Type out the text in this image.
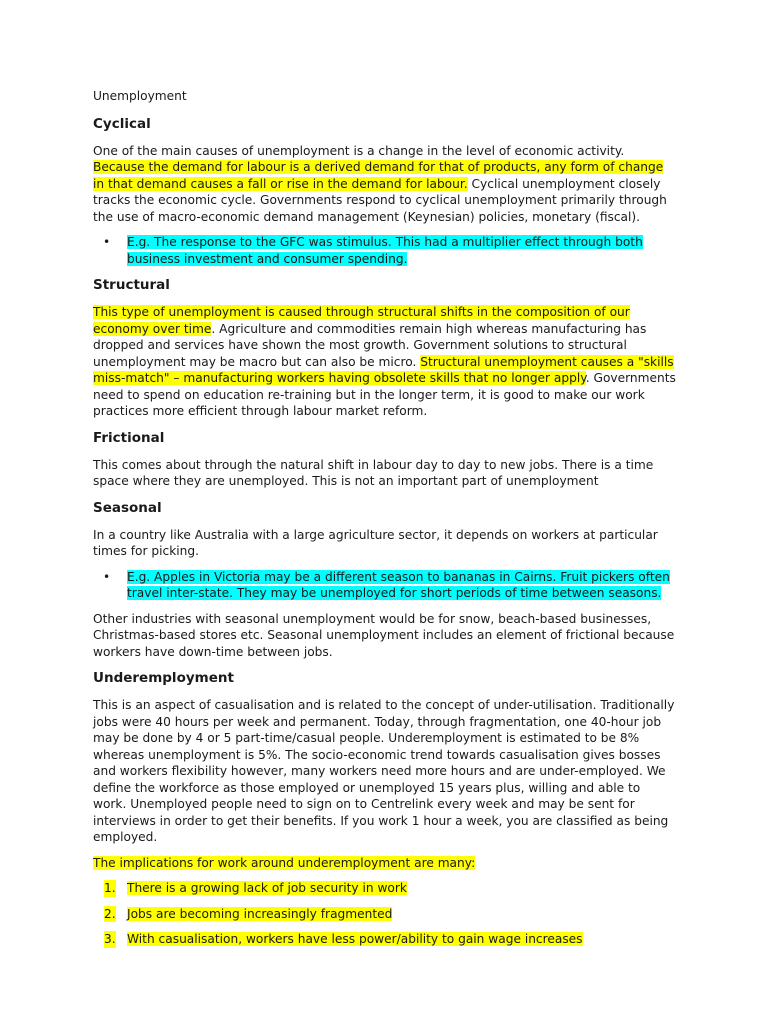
Unemployment
Cyclical

One of the main causes of unemployment is a change in the level of economic activity. Because the demand for labour is a derived demand for that of products, any form of change in that demand causes a fall or rise in the demand for labour. Cyclical unemployment closely tracks the economic cycle. Governments respond to cyclical unemployment primarily through the use of macro-economic demand management (Keynesian) policies, monetary (fiscal).

• E.g. The response to the GFC was stimulus. This had a multiplier effect through both business investment and consumer spending.
Structural

This type of unemployment is caused through structural shifts in the composition of our economy over time. Agriculture and commodities remain high whereas manufacturing has dropped and services have shown the most growth. Government solutions to structural unemployment may be macro but can also be micro. Structural unemployment causes a "skills miss-match" – manufacturing workers having obsolete skills that no longer apply. Governments need to spend on education re-training but in the longer term, it is good to make our work practices more efficient through labour market reform.

Frictional

This comes about through the natural shift in labour day to day to new jobs. There is a time space where they are unemployed. This is not an important part of unemployment

Seasonal

In a country like Australia with a large agriculture sector, it depends on workers at particular times for picking.

• E.g. Apples in Victoria may be a different season to bananas in Cairns. Fruit pickers often travel inter-state. They may be unemployed for short periods of time between seasons.

Other industries with seasonal unemployment would be for snow, beach-based businesses, Christmas-based stores etc. Seasonal unemployment includes an element of frictional because workers have down-time between jobs.

Underemployment

This is an aspect of casualisation and is related to the concept of under-utilisation. Traditionally jobs were 40 hours per week and permanent. Today, through fragmentation, one 40-hour job may be done by 4 or 5 part-time/casual people. Underemployment is estimated to be 8% whereas unemployment is 5%. The socio-economic trend towards casualisation gives bosses and workers flexibility however, many workers need more hours and are under-employed. We define the workforce as those employed or unemployed 15 years plus, willing and able to work. Unemployed people need to sign on to Centrelink every week and may be sent for interviews in order to get their benefits. If you work 1 hour a week, you are classified as being employed.

The implications for work around underemployment are many:

1. There is a growing lack of job security in work
2. Jobs are becoming increasingly fragmented
3. With casualisation, workers have less power/ability to gain wage increases
